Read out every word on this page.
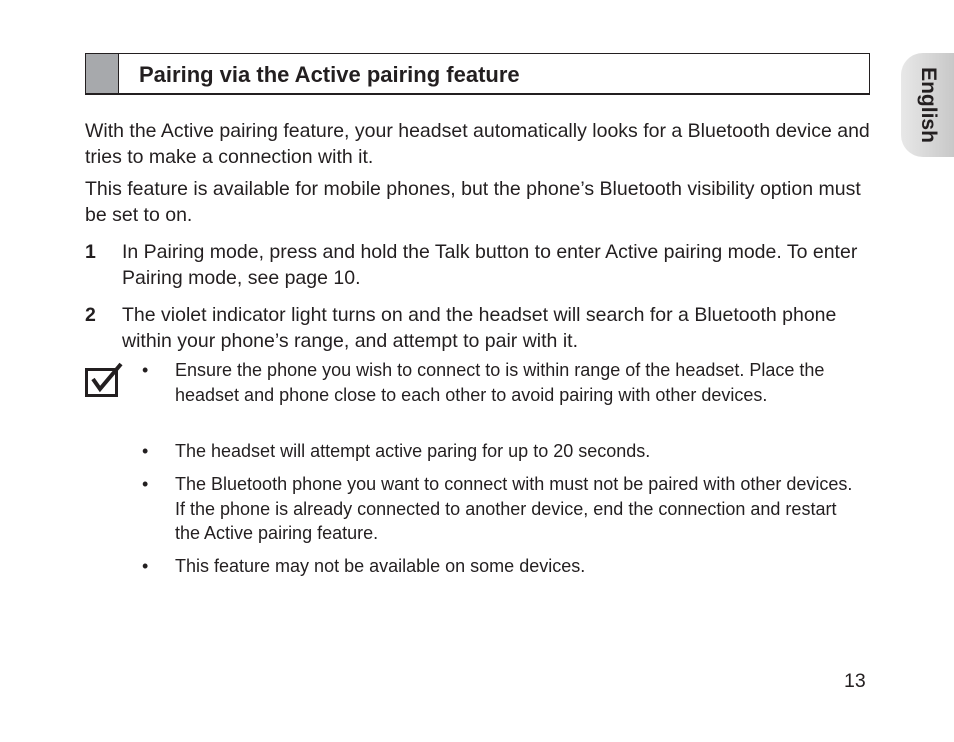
Pairing via the Active pairing feature	English

With the Active pairing feature, your headset automatically looks for a Bluetooth device and tries to make a connection with it.

This feature is available for mobile phones, but the phone’s Bluetooth visibility option must be set to on.

1 In Pairing mode, press and hold the Talk button to enter Active pairing mode. To enter Pairing mode, see page 10.
2 The violet indicator light turns on and the headset will search for a Bluetooth phone within your phone’s range, and attempt to pair with it.
• Ensure the phone you wish to connect to is within range of the headset. Place the headset and phone close to each other to avoid pairing with other devices.
• The headset will attempt active paring for up to 20 seconds.
• The Bluetooth phone you want to connect with must not be paired with other devices. If the phone is already connected to another device, end the connection and restart the Active pairing feature.
• This feature may not be available on some devices.
13
